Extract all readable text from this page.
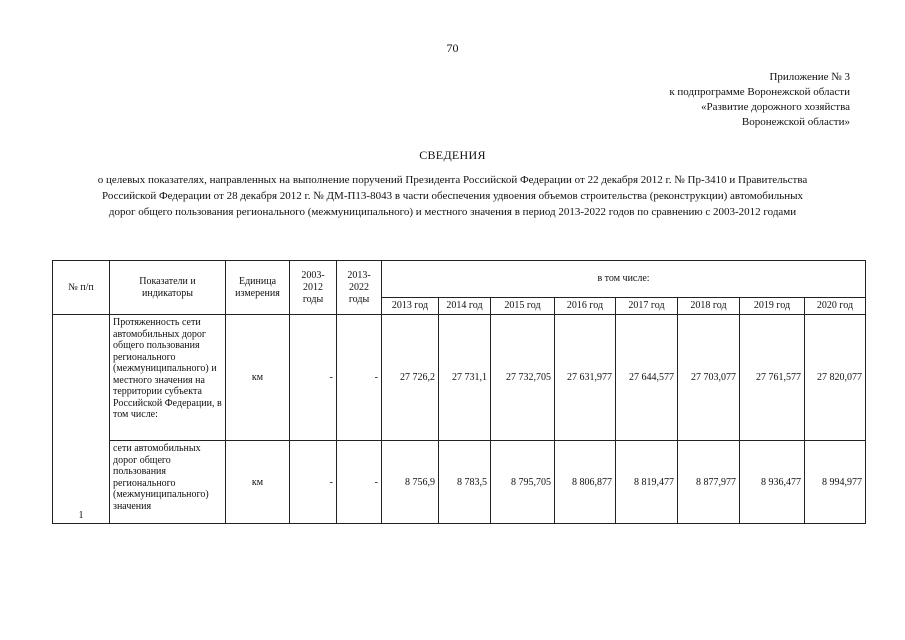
70
Приложение № 3
к подпрограмме Воронежской области
«Развитие дорожного хозяйства
Воронежской области»
СВЕДЕНИЯ
о целевых показателях, направленных на выполнение поручений Президента Российской Федерации от 22 декабря 2012 г. № Пр-3410 и Правительства
Российской Федерации от 28 декабря 2012 г. № ДМ-П13-8043 в части обеспечения удвоения объемов строительства (реконструкции) автомобильных
дорог общего пользования регионального (межмуниципального) и местного значения в период 2013-2022 годов по сравнению с 2003-2012 годами
№ п/п	Показатели и индикаторы	Единица измерения	2003-2012 годы	2013-2022 годы	в том числе:							
					2013 год	2014 год	2015 год	2016 год	2017 год	2018 год	2019 год	2020 год
1	Протяженность сети автомобильных дорог общего пользования регионального (межмуниципального) и местного значения на территории субъекта Российской Федерации, в том числе:	км	-	-	27 726,2	27 731,1	27 732,705	27 631,977	27 644,577	27 703,077	27 761,577	27 820,077
	сети автомобильных дорог общего пользования регионального (межмуниципального) значения	км	-	-	8 756,9	8 783,5	8 795,705	8 806,877	8 819,477	8 877,977	8 936,477	8 994,977
